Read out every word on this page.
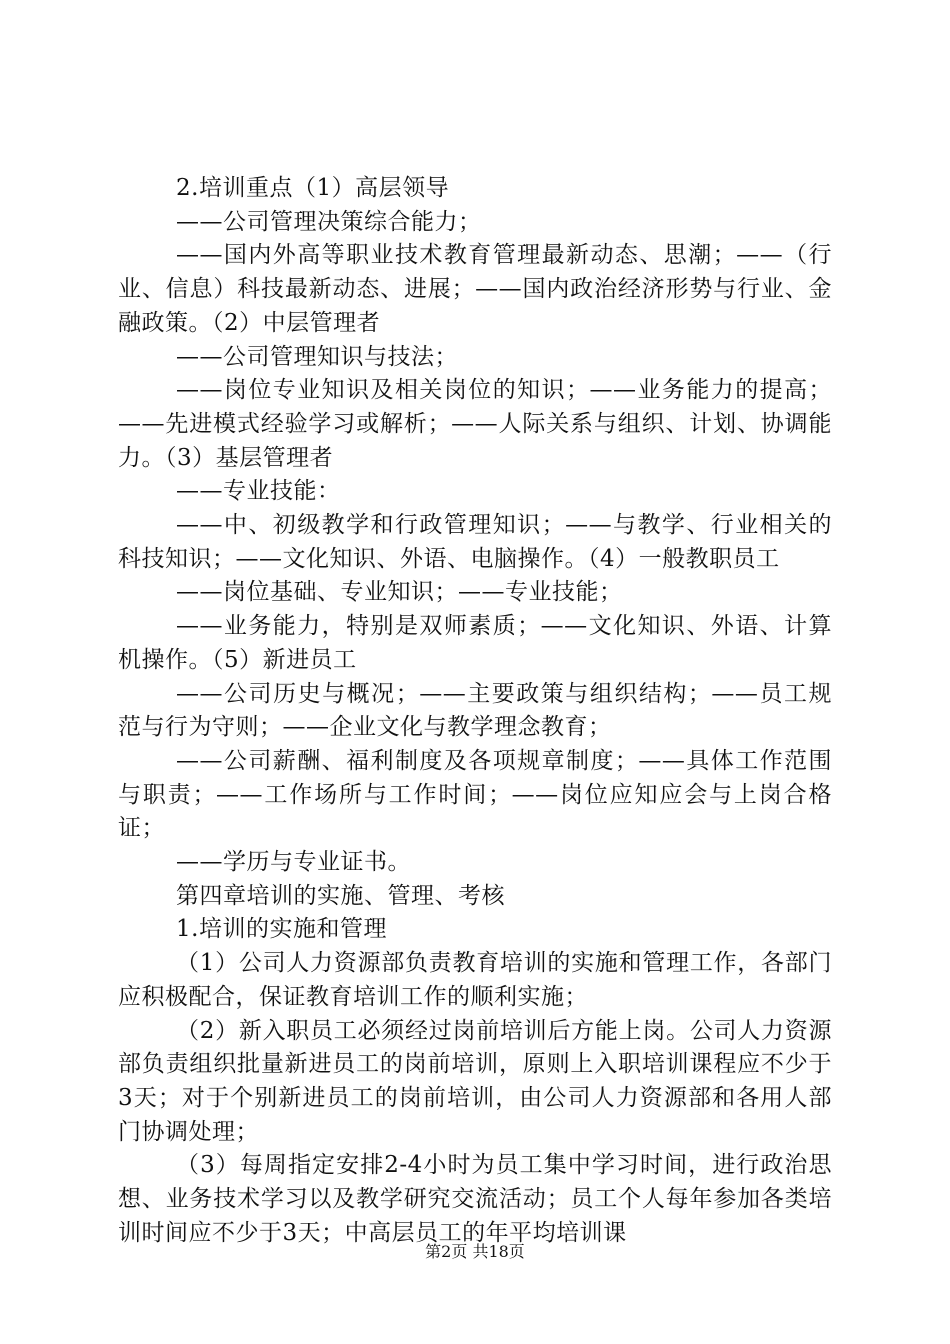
2.培训重点（1）高层领导

——公司管理决策综合能力；

——国内外高等职业技术教育管理最新动态、思潮；——（行业、信息）科技最新动态、进展；——国内政治经济形势与行业、金融政策。（2）中层管理者

——公司管理知识与技法；

——岗位专业知识及相关岗位的知识；——业务能力的提高；——先进模式经验学习或解析；——人际关系与组织、计划、协调能力。（3）基层管理者

——专业技能：

——中、初级教学和行政管理知识；——与教学、行业相关的科技知识；——文化知识、外语、电脑操作。（4）一般教职员工

——岗位基础、专业知识；——专业技能；

——业务能力，特别是双师素质；——文化知识、外语、计算机操作。（5）新进员工

——公司历史与概况；——主要政策与组织结构；——员工规范与行为守则；——企业文化与教学理念教育；

——公司薪酬、福利制度及各项规章制度；——具体工作范围与职责；——工作场所与工作时间；——岗位应知应会与上岗合格证；

——学历与专业证书。

第四章培训的实施、管理、考核

1.培训的实施和管理

（1）公司人力资源部负责教育培训的实施和管理工作，各部门应积极配合，保证教育培训工作的顺利实施；

（2）新入职员工必须经过岗前培训后方能上岗。公司人力资源部负责组织批量新进员工的岗前培训，原则上入职培训课程应不少于3天；对于个别新进员工的岗前培训，由公司人力资源部和各用人部门协调处理；

（3）每周指定安排2-4小时为员工集中学习时间，进行政治思想、业务技术学习以及教学研究交流活动；员工个人每年参加各类培训时间应不少于3天；中高层员工的年平均培训课

第2页 共18页
